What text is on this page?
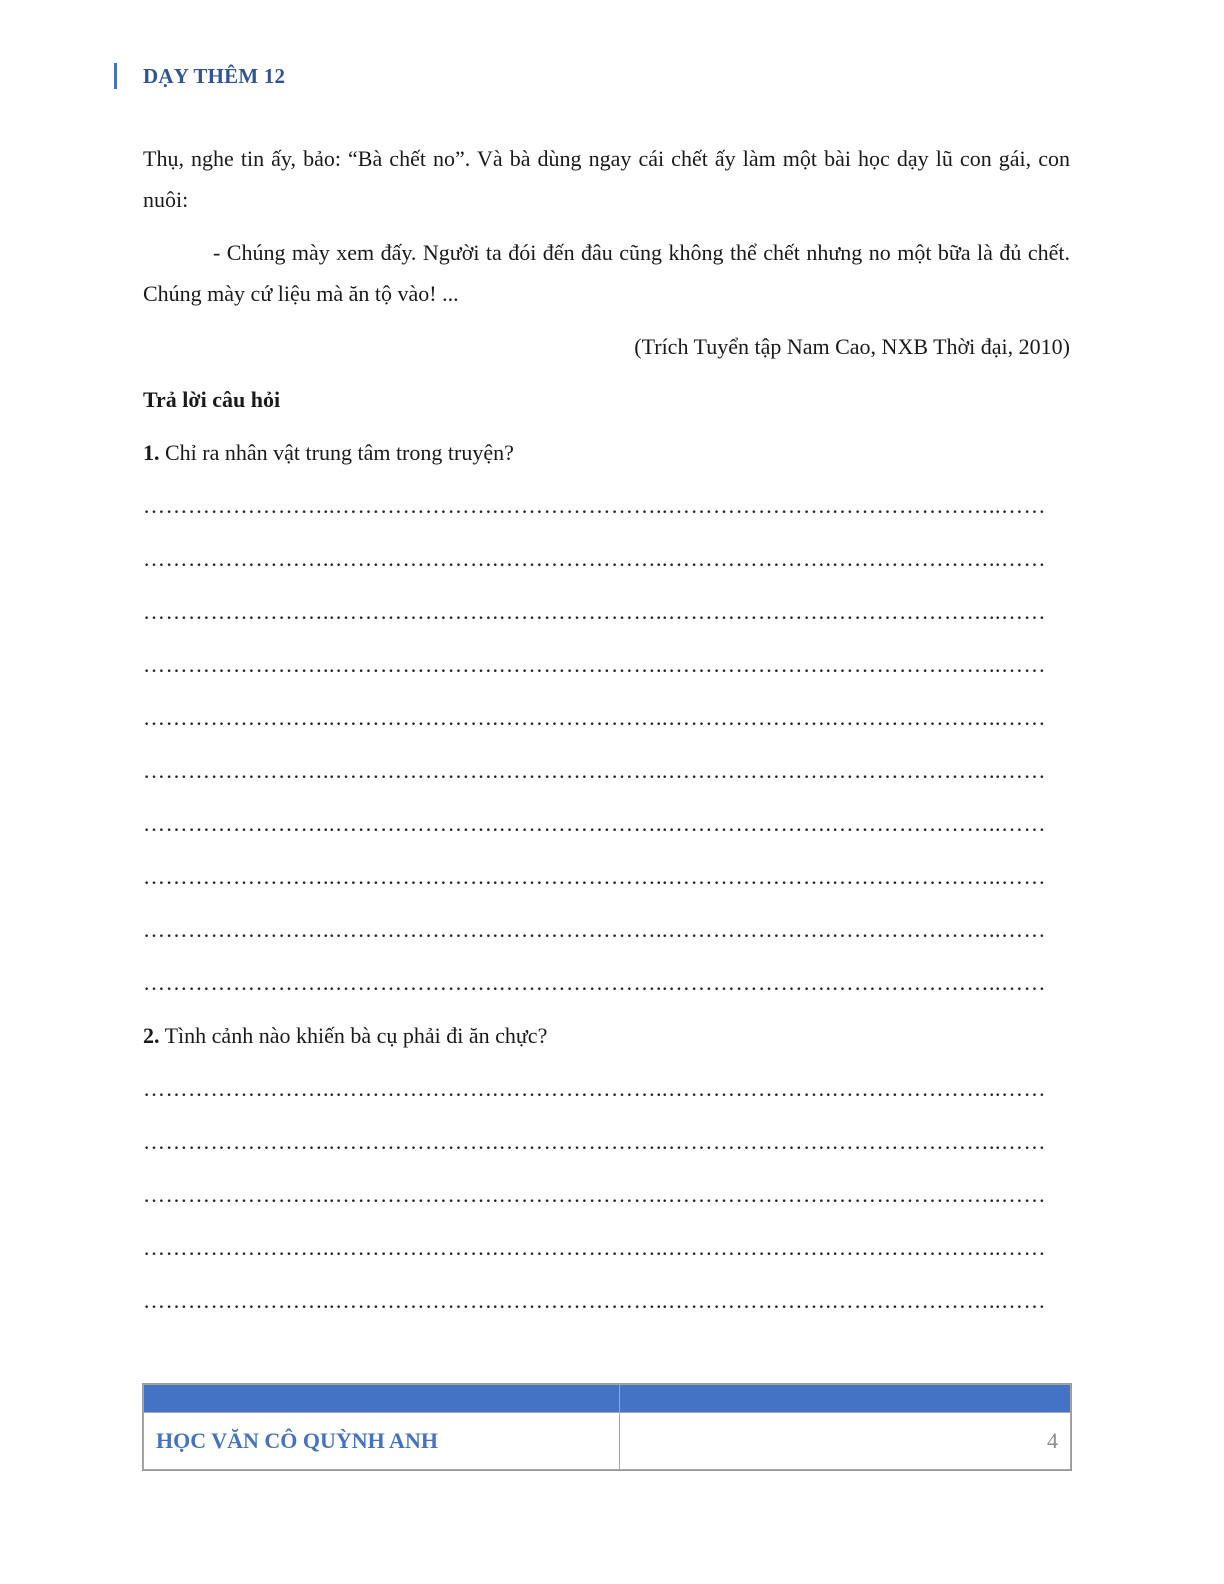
DẠY THÊM 12

Thụ, nghe tin ấy, bảo: “Bà chết no”. Và bà dùng ngay cái chết ấy làm một bài học dạy lũ con gái, con nuôi:

- Chúng mày xem đấy. Người ta đói đến đâu cũng không thể chết nhưng no một bữa là đủ chết. Chúng mày cứ liệu mà ăn tộ vào! ...

(Trích Tuyển tập Nam Cao, NXB Thời đại, 2010)

Trả lời câu hỏi

1. Chỉ ra nhân vật trung tâm trong truyện?

……………………..………………….…………………..………………….…………………..……
……………………..………………….…………………..………………….…………………..……
……………………..………………….…………………..………………….…………………..……
……………………..………………….…………………..………………….…………………..……
……………………..………………….…………………..………………….…………………..……
……………………..………………….…………………..………………….…………………..……
……………………..………………….…………………..………………….…………………..……
……………………..………………….…………………..………………….…………………..……
……………………..………………….…………………..………………….…………………..……
……………………..………………….…………………..………………….…………………..……

2. Tình cảnh nào khiến bà cụ phải đi ăn chực?

……………………..………………….…………………..………………….…………………..……
……………………..………………….…………………..………………….…………………..……
……………………..………………….…………………..………………….…………………..……
……………………..………………….…………………..………………….…………………..……
……………………..………………….…………………..………………….…………………..……

HỌC VĂN CÔ QUỲNH ANH	4
